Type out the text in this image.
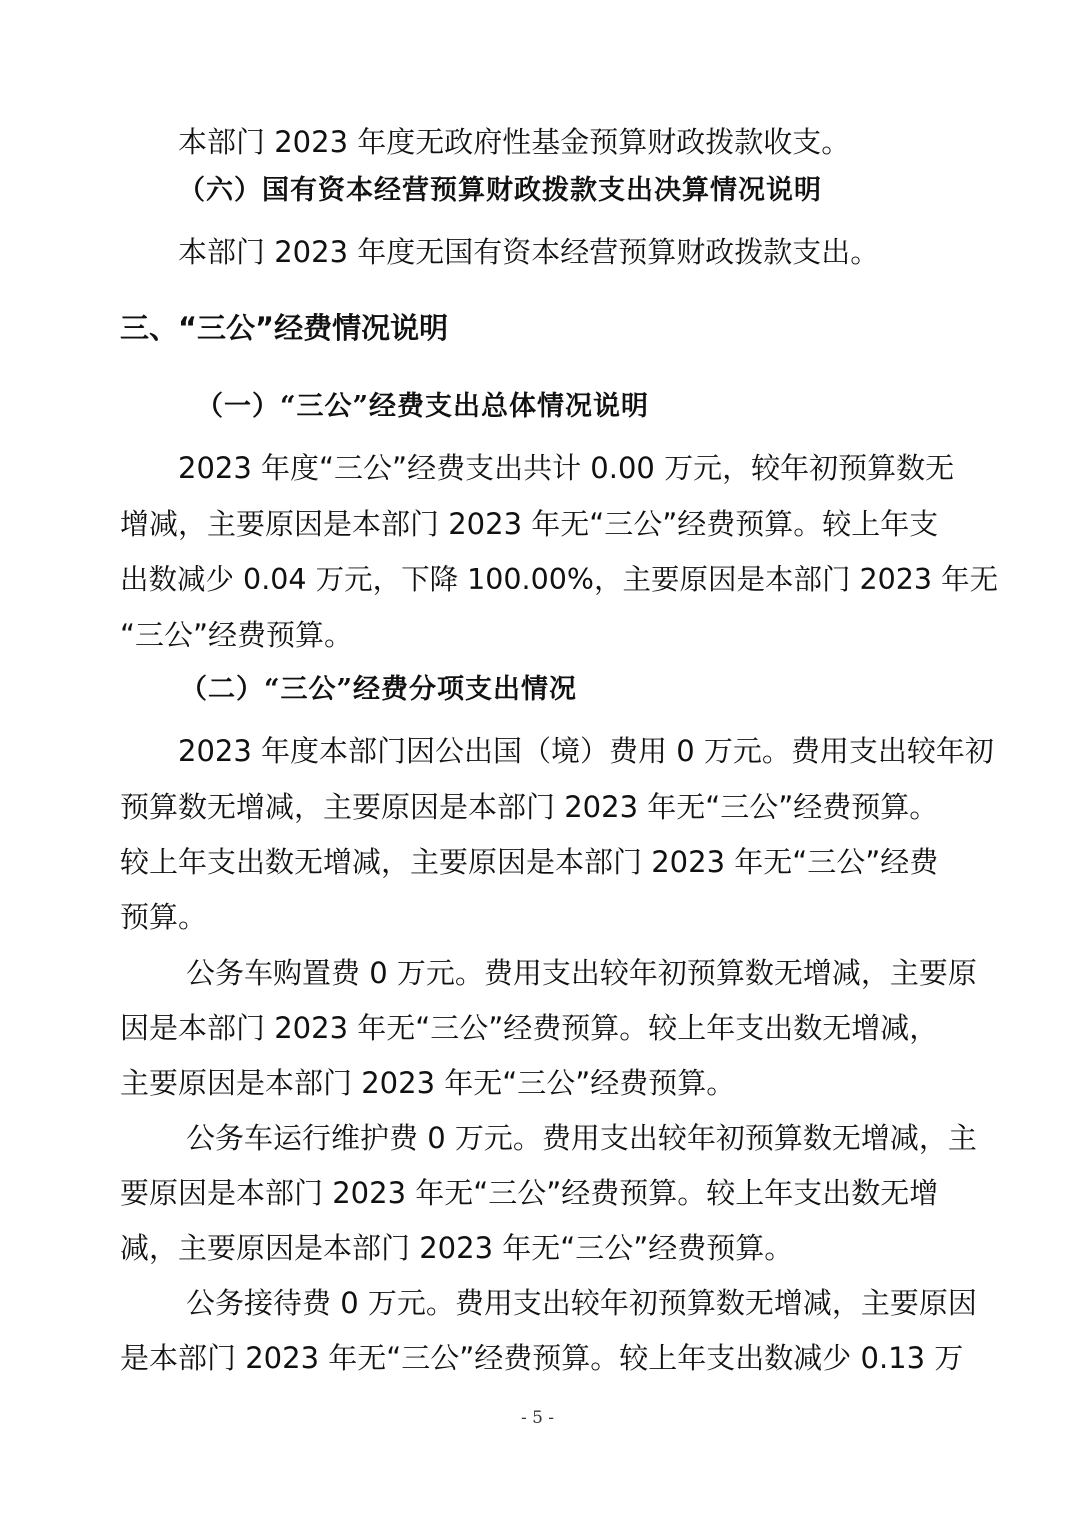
本部门 2023 年度无政府性基金预算财政拨款收支。
（六）国有资本经营预算财政拨款支出决算情况说明
本部门 2023 年度无国有资本经营预算财政拨款支出。
三、“三公”经费情况说明
（一）“三公”经费支出总体情况说明
2023 年度“三公”经费支出共计 0.00 万元，较年初预算数无
增减，主要原因是本部门 2023 年无“三公”经费预算。较上年支
出数减少 0.04 万元，下降 100.00%，主要原因是本部门 2023 年无
“三公”经费预算。
（二）“三公”经费分项支出情况
2023 年度本部门因公出国（境）费用 0 万元。费用支出较年初
预算数无增减，主要原因是本部门 2023 年无“三公”经费预算。
较上年支出数无增减，主要原因是本部门 2023 年无“三公”经费
预算。
公务车购置费 0 万元。费用支出较年初预算数无增减，主要原
因是本部门 2023 年无“三公”经费预算。较上年支出数无增减，
主要原因是本部门 2023 年无“三公”经费预算。
公务车运行维护费 0 万元。费用支出较年初预算数无增减，主
要原因是本部门 2023 年无“三公”经费预算。较上年支出数无增
减，主要原因是本部门 2023 年无“三公”经费预算。
公务接待费 0 万元。费用支出较年初预算数无增减，主要原因
是本部门 2023 年无“三公”经费预算。较上年支出数减少 0.13 万
- 5 -
